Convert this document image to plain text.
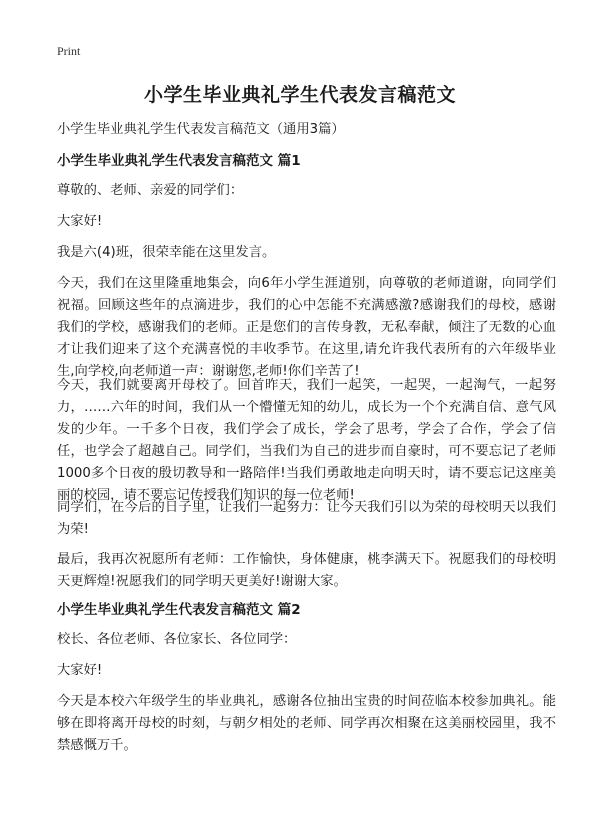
Print
小学生毕业典礼学生代表发言稿范文
小学生毕业典礼学生代表发言稿范文（通用3篇）
小学生毕业典礼学生代表发言稿范文 篇1
尊敬的、老师、亲爱的同学们：
大家好!
我是六(4)班，很荣幸能在这里发言。
今天，我们在这里隆重地集会，向6年小学生涯道别，向尊敬的老师道谢，向同学们祝福。回顾这些年的点滴进步，我们的心中怎能不充满感激?感谢我们的母校，感谢我们的学校，感谢我们的老师。正是您们的言传身教，无私奉献，倾注了无数的心血才让我们迎来了这个充满喜悦的丰收季节。在这里,请允许我代表所有的六年级毕业生,向学校,向老师道一声：谢谢您,老师!你们辛苦了!
今天，我们就要离开母校了。回首昨天，我们一起笑，一起哭，一起淘气，一起努力，……六年的时间，我们从一个懵懂无知的幼儿，成长为一个个充满自信、意气风发的少年。一千多个日夜，我们学会了成长，学会了思考，学会了合作，学会了信任，也学会了超越自己。同学们，当我们为自己的进步而自豪时，可不要忘记了老师1000多个日夜的殷切教导和一路陪伴!当我们勇敢地走向明天时，请不要忘记这座美丽的校园，请不要忘记传授我们知识的每一位老师!
同学们，在今后的日子里，让我们一起努力：让今天我们引以为荣的母校明天以我们为荣!
最后，我再次祝愿所有老师：工作愉快，身体健康，桃李满天下。祝愿我们的母校明天更辉煌!祝愿我们的同学明天更美好!谢谢大家。
小学生毕业典礼学生代表发言稿范文 篇2
校长、各位老师、各位家长、各位同学：
大家好!
今天是本校六年级学生的毕业典礼，感谢各位抽出宝贵的时间莅临本校参加典礼。能够在即将离开母校的时刻，与朝夕相处的老师、同学再次相聚在这美丽校园里，我不禁感慨万千。
